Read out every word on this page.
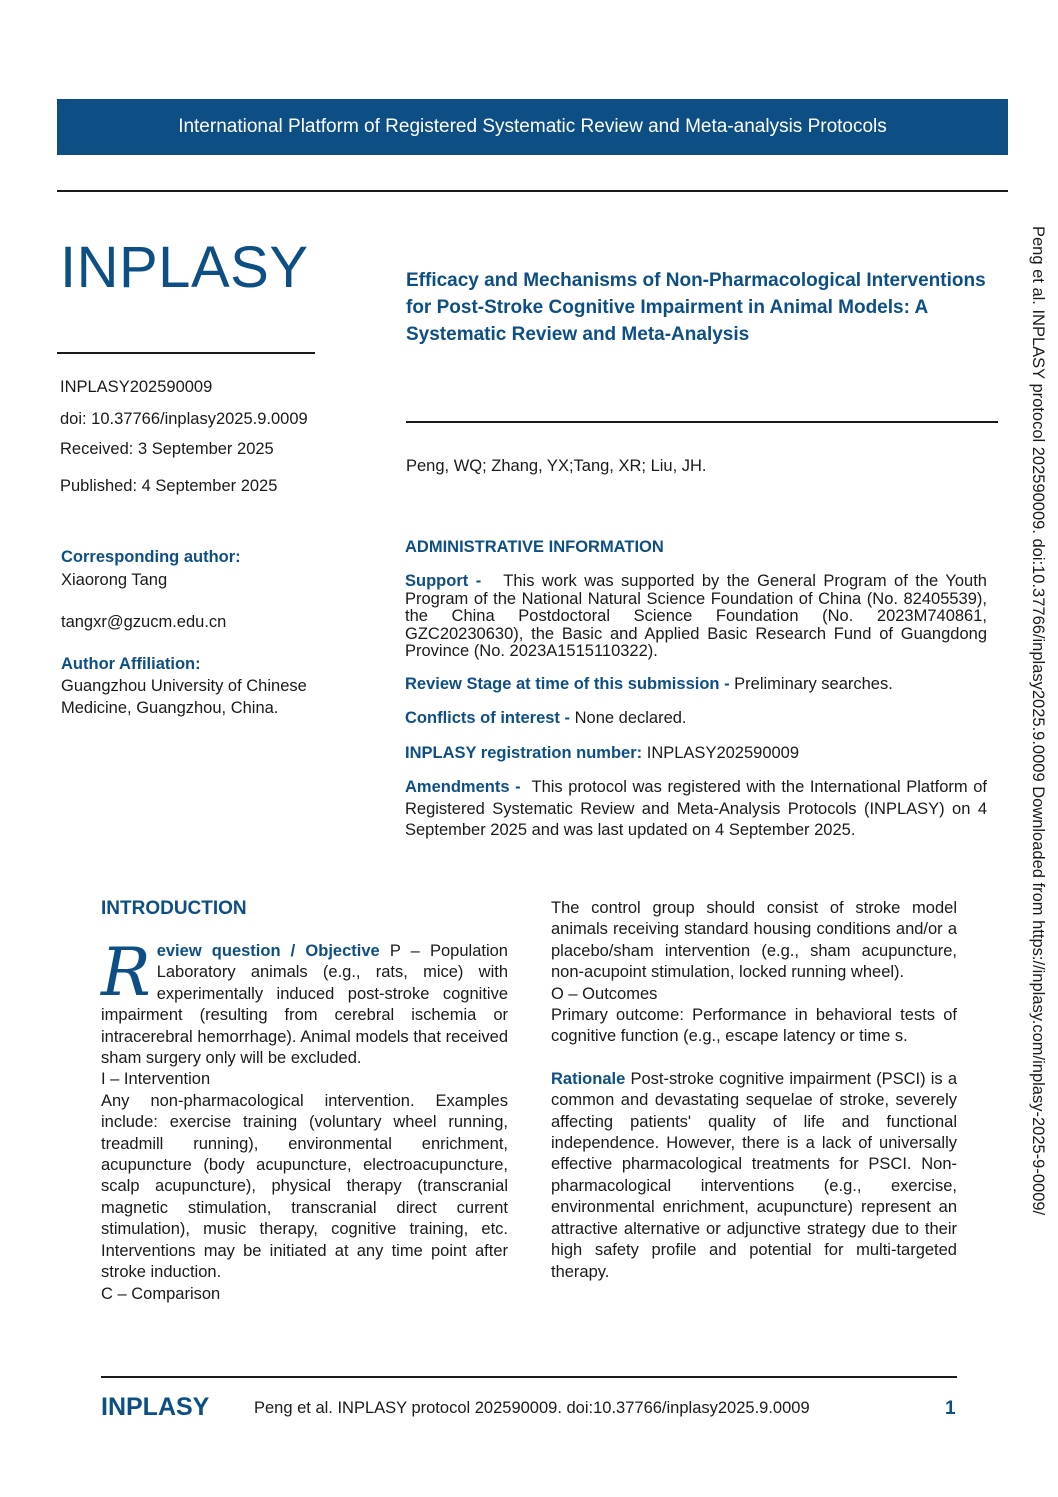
International Platform of Registered Systematic Review and Meta-analysis Protocols
INPLASY
INPLASY202590009
doi: 10.37766/inplasy2025.9.0009
Received: 3 September 2025
Published: 4 September 2025
Efficacy and Mechanisms of Non-Pharmacological Interventions for Post-Stroke Cognitive Impairment in Animal Models: A Systematic Review and Meta-Analysis
Peng, WQ; Zhang, YX;Tang, XR; Liu, JH.
Corresponding author:
Xiaorong Tang
tangxr@gzucm.edu.cn
Author Affiliation:
Guangzhou University of Chinese Medicine, Guangzhou, China.
ADMINISTRATIVE INFORMATION
Support - This work was supported by the General Program of the Youth Program of the National Natural Science Foundation of China (No. 82405539), the China Postdoctoral Science Foundation (No. 2023M740861, GZC20230630), the Basic and Applied Basic Research Fund of Guangdong Province (No. 2023A1515110322).
Review Stage at time of this submission - Preliminary searches.
Conflicts of interest - None declared.
INPLASY registration number: INPLASY202590009
Amendments - This protocol was registered with the International Platform of Registered Systematic Review and Meta-Analysis Protocols (INPLASY) on 4 September 2025 and was last updated on 4 September 2025.
INTRODUCTION
R eview question / Objective P – Population Laboratory animals (e.g., rats, mice) with experimentally induced post-stroke cognitive impairment (resulting from cerebral ischemia or intracerebral hemorrhage). Animal models that received sham surgery only will be excluded.
I – Intervention
Any non-pharmacological intervention. Examples include: exercise training (voluntary wheel running, treadmill running), environmental enrichment, acupuncture (body acupuncture, electroacupuncture, scalp acupuncture), physical therapy (transcranial magnetic stimulation, transcranial direct current stimulation), music therapy, cognitive training, etc. Interventions may be initiated at any time point after stroke induction.
C – Comparison
The control group should consist of stroke model animals receiving standard housing conditions and/or a placebo/sham intervention (e.g., sham acupuncture, non-acupoint stimulation, locked running wheel).
O – Outcomes
Primary outcome: Performance in behavioral tests of cognitive function (e.g., escape latency or time s.
Rationale Post-stroke cognitive impairment (PSCI) is a common and devastating sequelae of stroke, severely affecting patients' quality of life and functional independence. However, there is a lack of universally effective pharmacological treatments for PSCI. Non-pharmacological interventions (e.g., exercise, environmental enrichment, acupuncture) represent an attractive alternative or adjunctive strategy due to their high safety profile and potential for multi-targeted therapy.
INPLASY	Peng et al. INPLASY protocol 202590009. doi:10.37766/inplasy2025.9.0009	1
Peng et al. INPLASY protocol 202590009. doi:10.37766/inplasy2025.9.0009 Downloaded from https://inplasy.com/inplasy-2025-9-0009/
